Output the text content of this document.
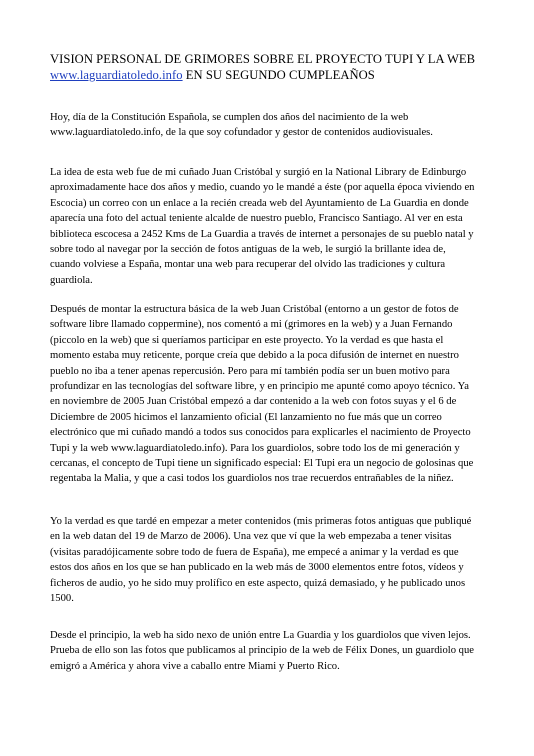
VISION PERSONAL DE GRIMORES SOBRE EL PROYECTO TUPI Y LA WEB
www.laguardiatoledo.info EN SU SEGUNDO CUMPLEAÑOS
Hoy, día de la Constitución Española, se cumplen dos años del nacimiento de la web
www.laguardiatoledo.info, de la que soy cofundador y gestor de contenidos audiovisuales.
La idea de esta web fue de mi cuñado Juan Cristóbal y surgió en la National Library de Edinburgo
aproximadamente hace dos años y medio, cuando yo le mandé a éste (por aquella época viviendo en
Escocia) un correo con un enlace a la recién creada web del Ayuntamiento de La Guardia en donde
aparecía una foto del actual teniente alcalde de nuestro pueblo, Francisco Santiago. Al ver en esta
biblioteca escocesa a 2452 Kms de La Guardia a través de internet a personajes de su pueblo natal y
sobre todo al navegar por la sección de fotos antiguas de la web, le surgió la brillante idea de,
cuando volviese a España, montar una web para recuperar del olvido las tradiciones y cultura
guardiola.
Después de montar la estructura básica de la web Juan Cristóbal (entorno a un gestor de fotos de
software libre llamado coppermine), nos comentó a mi (grimores en la web) y a Juan Fernando
(piccolo en la web) que si queríamos participar en este proyecto. Yo la verdad es que hasta el
momento estaba muy reticente, porque creía que debido a la poca difusión de internet en nuestro
pueblo no iba a tener apenas repercusión. Pero para mí también podía ser un buen motivo para
profundizar en las tecnologías del software libre, y en principio me apunté como apoyo técnico. Ya
en noviembre de 2005 Juan Cristóbal empezó a dar contenido a la web con fotos suyas y el 6 de
Diciembre de 2005 hicimos el lanzamiento oficial (El lanzamiento no fue más que un correo
electrónico que mi cuñado mandó a todos sus conocidos para explicarles el nacimiento de Proyecto
Tupi y la web www.laguardiatoledo.info). Para los guardiolos, sobre todo los de mi generación y
cercanas, el concepto de Tupi tiene un significado especial: El Tupi era un negocio de golosinas que
regentaba la Malia, y que a casi todos los guardiolos nos trae recuerdos entrañables de la niñez.
Yo la verdad es que tardé en empezar a meter contenidos (mis primeras fotos antiguas que publiqué
en la web datan del 19 de Marzo de 2006). Una vez que ví que la web empezaba a tener visitas
(visitas paradójicamente sobre todo de fuera de España), me empecé a animar y la verdad es que
estos dos años en los que se han publicado en la web más de 3000 elementos entre fotos, vídeos y
ficheros de audio, yo he sido muy prolífico en este aspecto, quizá demasiado, y he publicado unos
1500.
Desde el principio, la web ha sido nexo de unión entre La Guardia y los guardiolos que viven lejos.
Prueba de ello son las fotos que publicamos al principio de la web de Félix Dones, un guardiolo que
emigró a América y ahora vive a caballo entre Miami y Puerto Rico.
